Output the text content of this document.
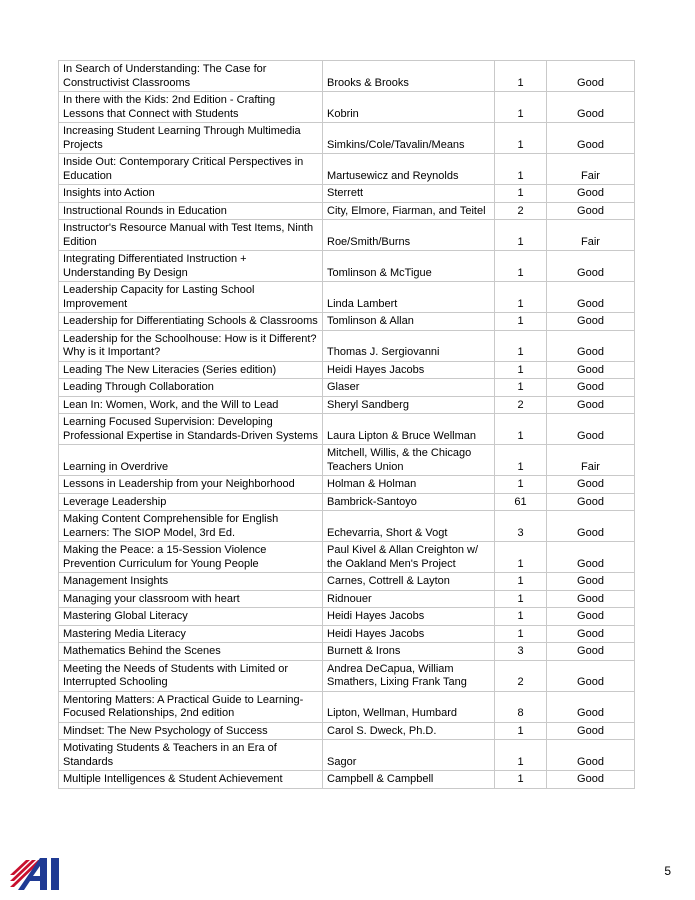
In Search of Understanding: The Case for Constructivist Classrooms	Brooks & Brooks	1	Good
In there with the Kids: 2nd Edition - Crafting Lessons that Connect with Students	Kobrin	1	Good
Increasing Student Learning Through Multimedia Projects	Simkins/Cole/Tavalin/Means	1	Good
Inside Out: Contemporary Critical Perspectives in Education	Martusewicz and Reynolds	1	Fair
Insights into Action	Sterrett	1	Good
Instructional Rounds in Education	City, Elmore, Fiarman, and Teitel	2	Good
Instructor's Resource Manual with Test Items, Ninth Edition	Roe/Smith/Burns	1	Fair
Integrating Differentiated Instruction + Understanding By Design	Tomlinson & McTigue	1	Good
Leadership Capacity for Lasting School Improvement	Linda Lambert	1	Good
Leadership for Differentiating Schools & Classrooms	Tomlinson & Allan	1	Good
Leadership for the Schoolhouse: How is it Different? Why is it Important?	Thomas J. Sergiovanni	1	Good
Leading The New Literacies (Series edition)	Heidi Hayes Jacobs	1	Good
Leading Through Collaboration	Glaser	1	Good
Lean In: Women, Work, and the Will to Lead	Sheryl Sandberg	2	Good
Learning Focused Supervision: Developing Professional Expertise in Standards-Driven Systems	Laura Lipton & Bruce Wellman	1	Good
Learning in Overdrive	Mitchell, Willis, & the Chicago Teachers Union	1	Fair
Lessons in Leadership from your Neighborhood	Holman & Holman	1	Good
Leverage Leadership	Bambrick-Santoyo	61	Good
Making Content Comprehensible for English Learners: The SIOP Model, 3rd Ed.	Echevarria, Short & Vogt	3	Good
Making the Peace: a 15-Session Violence Prevention Curriculum for Young People	Paul Kivel & Allan Creighton w/ the Oakland Men's Project	1	Good
Management Insights	Carnes, Cottrell & Layton	1	Good
Managing your classroom with heart	Ridnouer	1	Good
Mastering Global Literacy	Heidi Hayes Jacobs	1	Good
Mastering Media Literacy	Heidi Hayes Jacobs	1	Good
Mathematics Behind the Scenes	Burnett & Irons	3	Good
Meeting the Needs of Students with Limited or Interrupted Schooling	Andrea DeCapua, William Smathers, Lixing Frank Tang	2	Good
Mentoring Matters: A Practical Guide to Learning-Focused Relationships, 2nd edition	Lipton, Wellman, Humbard	8	Good
Mindset: The New Psychology of Success	Carol S. Dweck, Ph.D.	1	Good
Motivating Students & Teachers in an Era of Standards	Sagor	1	Good
Multiple Intelligences & Student Achievement	Campbell & Campbell	1	Good
5
